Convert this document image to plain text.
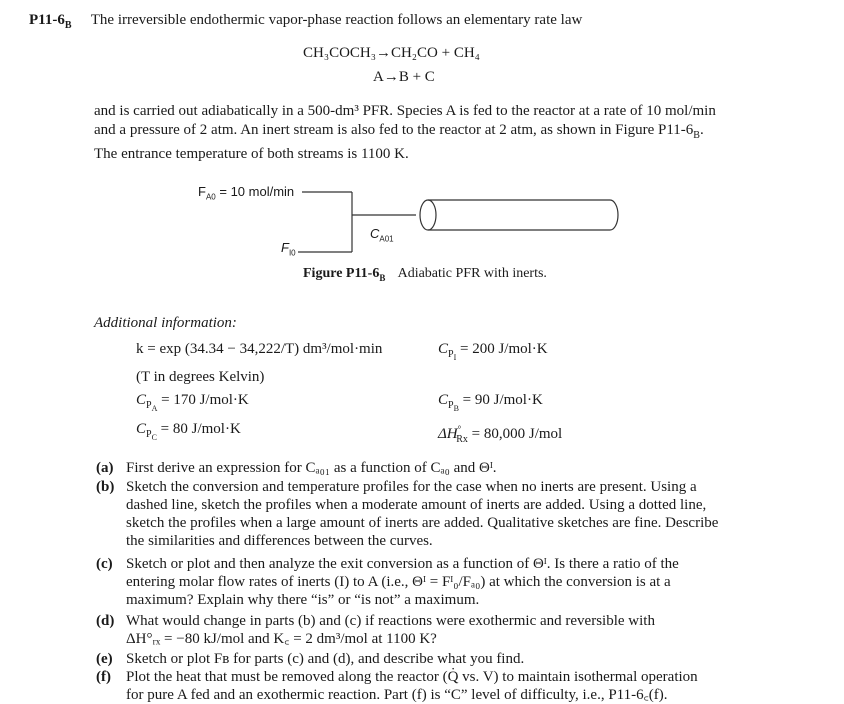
$P11-6_B$ The irreversible endothermic vapor-phase reaction follows an elementary rate law
CH₃COCH₃→CH₂CO + CH₄
A→B + C
and is carried out adiabatically in a 500-dm³ PFR. Species A is fed to the reactor at a rate of 10 mol/min
and a pressure of 2 atm. An inert stream is also fed to the reactor at 2 atm, as shown in Figure $P11-6_B$.
The entrance temperature of both streams is 1100 K.
$F_{A0} = 10$ mol/min
$C_{A01}$
$F_{I0}$
Figure $P11-6_B$ Adiabatic PFR with inerts.
Additional information:
k = exp (34.34 − 34,222/T) dm³/mol·min	$C_{P_I} = 200$ J/mol·K
(T in degrees Kelvin)
$C_{P_A} = 170$ J/mol·K	$C_{P_B} = 90$ J/mol·K
$C_{P_C} = 80$ J/mol·K	$\Delta H^\circ_{Rx} = 80,000$ J/mol
(a) First derive an expression for Cₐ₀₁ as a function of Cₐ₀ and Θᴵ.
(b) Sketch the conversion and temperature profiles for the case when no inerts are present. Using a
dashed line, sketch the profiles when a moderate amount of inerts are added. Using a dotted line,
sketch the profiles when a large amount of inerts are added. Qualitative sketches are fine. Describe
the similarities and differences between the curves.
(c) Sketch or plot and then analyze the exit conversion as a function of Θᴵ. Is there a ratio of the
entering molar flow rates of inerts (I) to A (i.e., Θᴵ = Fᴵ₀/Fₐ₀) at which the conversion is at a
maximum? Explain why there “is” or “is not” a maximum.
(d) What would change in parts (b) and (c) if reactions were exothermic and reversible with
ΔH°ᵣₓ = −80 kJ/mol and K꜀ = 2 dm³/mol at 1100 K?
(e) Sketch or plot Fʙ for parts (c) and (d), and describe what you find.
(f) Plot the heat that must be removed along the reactor (Q̇ vs. V) to maintain isothermal operation
for pure A fed and an exothermic reaction. Part (f) is “C” level of difficulty, i.e., P11-6꜀(f).
